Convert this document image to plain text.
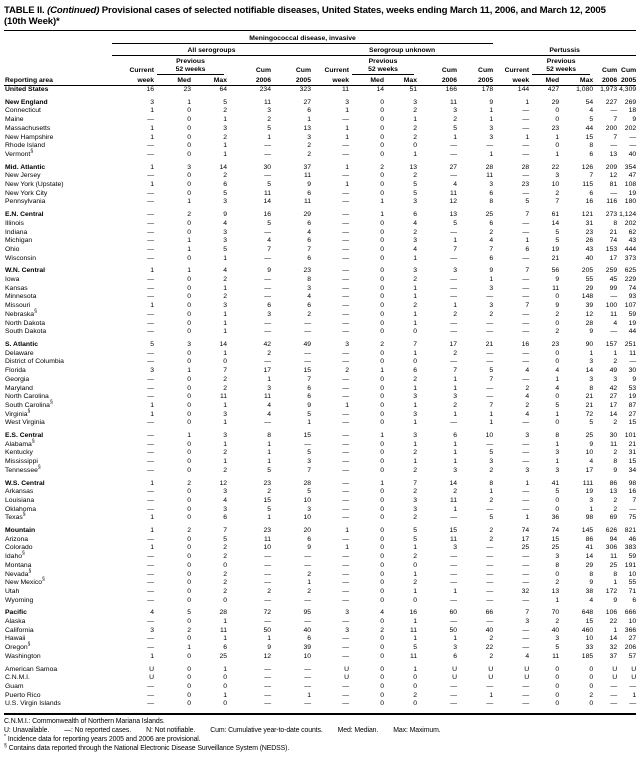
TABLE II. (Continued) Provisional cases of selected notifiable diseases, United States, weeks ending March 11, 2006, and March 12, 2005
(10th Week)*
	Meningococcal disease, invasive														
	All serogroups					Serogroup unknown					Pertussis				

Current

Previous
52 weeks	Cum	Cum	Current

Previous
52 weeks	Cum	Cum	Current

Previous
52 weeks	Cum	Cum

Reporting area	week	Med	Max	2006	2005	week	Med	Max	2006	2005	week	Med	Max	2006	2005
United States	16	23	64	234	323	11	14	51	166	178	144	427	1,080	1,973	4,309
New England	3	1	5	11	27	3	0	3	11	9	1	29	54	227	269
Connecticut	1	0	2	3	6	1	0	2	3	1	—	0	4	—	18
Maine	—	0	1	2	1	—	0	1	2	1	—	0	5	7	9
Massachusetts	1	0	3	5	13	1	0	2	5	3	—	23	44	200	202
New Hampshire	1	0	2	1	3	1	0	2	1	3	1	1	15	7	—
Rhode Island	—	0	1	—	2	—	0	0	—	—	—	0	8	—	—
Vermont§	—	0	1	—	2	—	0	1	—	1	—	1	6	13	40
Mid. Atlantic	1	3	14	30	37	1	2	13	27	28	28	22	126	209	354
New Jersey	—	0	2	—	11	—	0	2	—	11	—	3	7	12	47
New York (Upstate)	1	0	6	5	9	1	0	5	4	3	23	10	115	81	108
New York City	—	0	5	11	6	—	0	5	11	6	—	2	6	—	19
Pennsylvania	—	1	3	14	11	—	1	3	12	8	5	7	16	116	180
E.N. Central	—	2	9	16	29	—	1	6	13	25	7	61	121	273	1,124
Illinois	—	0	4	5	6	—	0	4	5	6	—	14	31	8	202
Indiana	—	0	3	—	4	—	0	2	—	2	—	5	23	21	62
Michigan	—	1	3	4	6	—	0	3	1	4	1	5	26	74	43
Ohio	—	1	5	7	7	—	0	4	7	7	6	19	43	153	444
Wisconsin	—	0	1	—	6	—	0	1	—	6	—	21	40	17	373
W.N. Central	1	1	4	9	23	—	0	3	3	9	7	56	205	259	625
Iowa	—	0	2	—	8	—	0	2	—	1	—	9	55	45	229
Kansas	—	0	1	—	3	—	0	1	—	3	—	11	29	99	74
Minnesota	—	0	2	—	4	—	0	1	—	—	—	0	148	—	93
Missouri	1	0	3	6	6	—	0	2	1	3	7	9	39	100	107
Nebraska§	—	0	1	3	2	—	0	1	2	2	—	2	12	11	59
North Dakota	—	0	1	—	—	—	0	1	—	—	—	0	28	4	19
South Dakota	—	0	1	—	—	—	0	0	—	—	—	2	9	—	44
S. Atlantic	5	3	14	42	49	3	2	7	17	21	16	23	90	157	251
Delaware	—	0	1	2	—	—	0	1	2	—	—	0	1	1	11
District of Columbia	—	0	0	—	—	—	0	0	—	—	—	0	3	2	—
Florida	3	1	7	17	15	2	1	6	7	5	4	4	14	49	30
Georgia	—	0	2	1	7	—	0	2	1	7	—	1	3	3	9
Maryland	—	0	2	3	6	—	0	1	1	—	2	4	8	42	53
North Carolina	—	0	11	11	6	—	0	3	3	—	4	0	21	27	19
South Carolina§	1	0	1	4	9	1	0	1	2	7	2	5	21	17	87
Virginia§	1	0	3	4	5	—	0	3	1	1	4	1	72	14	27
West Virginia	—	0	1	—	1	—	0	1	—	1	—	0	5	2	15
E.S. Central	—	1	3	8	15	—	1	3	6	10	3	8	25	30	101
Alabama§	—	0	1	1	—	—	0	1	1	—	—	1	9	11	21
Kentucky	—	0	2	1	5	—	0	2	1	5	—	3	10	2	31
Mississippi	—	0	1	1	3	—	0	1	1	3	—	1	4	8	15
Tennessee§	—	0	2	5	7	—	0	2	3	2	3	3	17	9	34
W.S. Central	1	2	12	23	28	—	1	7	14	8	1	41	111	86	98
Arkansas	—	0	3	2	5	—	0	2	2	1	—	5	19	13	16
Louisiana	—	0	4	15	10	—	0	3	11	2	—	0	3	2	7
Oklahoma	—	0	3	5	3	—	0	3	1	—	—	0	1	2	—
Texas§	1	0	6	1	10	—	0	2	—	5	1	36	98	69	75
Mountain	1	2	7	23	20	1	0	5	15	2	74	74	145	626	821
Arizona	—	0	5	11	6	—	0	5	11	2	17	15	86	94	46
Colorado	1	0	2	10	9	1	0	1	3	—	25	25	41	306	383
Idaho§	—	0	2	—	—	—	0	2	—	—	—	3	14	11	59
Montana	—	0	0	—	—	—	0	0	—	—	—	8	29	25	191
Nevada§	—	0	2	—	2	—	0	1	—	—	—	0	8	8	10
New Mexico§	—	0	2	—	1	—	0	2	—	—	—	2	9	1	55
Utah	—	0	2	2	2	—	0	1	1	—	32	13	38	172	71
Wyoming	—	0	0	—	—	—	0	0	—	—	—	1	4	9	6
Pacific	4	5	28	72	95	3	4	16	60	66	7	70	648	106	666
Alaska	—	0	1	—	—	—	0	1	—	—	3	2	15	22	10
California	3	2	11	50	40	3	2	11	50	40	—	40	460	1	366
Hawaii	—	0	1	1	6	—	0	1	1	2	—	3	10	14	27
Oregon§	—	1	6	9	39	—	0	5	3	22	—	5	33	32	206
Washington	1	0	25	12	10	—	0	11	6	2	4	11	185	37	57
American Samoa	U	0	1	—	—	U	0	1	U	U	U	0	0	U	U
C.N.M.I.	U	0	0	—	—	U	0	0	U	U	U	0	0	U	U
Guam	—	0	0	—	—	—	0	0	—	—	—	0	0	—	—
Puerto Rico	—	0	1	—	1	—	0	2	—	1	—	0	2	—	1
U.S. Virgin Islands	—	0	0	—	—	—	0	0	—	—	—	0	0	—	—
C.N.M.I.: Commonwealth of Northern Mariana Islands.
U: Unavailable. —: No reported cases. N: Not notifiable. Cum: Cumulative year-to-date counts. Med: Median. Max: Maximum.
* Incidence data for reporting years 2005 and 2006 are provisional.
§ Contains data reported through the National Electronic Disease Surveillance System (NEDSS).
